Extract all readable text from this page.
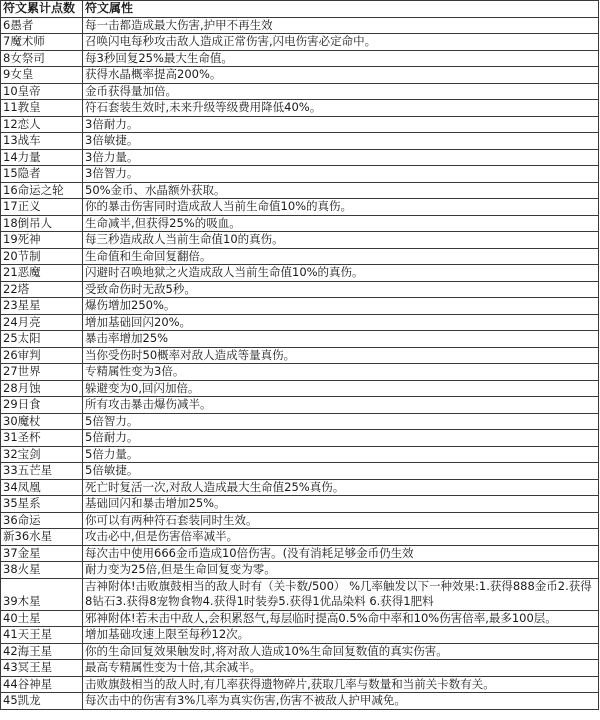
符文累计点数	符文属性
6愚者	每一击都造成最大伤害,护甲不再生效
7魔术师	召唤闪电每秒攻击敌人造成正常伤害,闪电伤害必定命中。
8女祭司	每3秒回复25%最大生命值。
9女皇	获得水晶概率提高200%。
10皇帝	金币获得量加倍。
11教皇	符石套装生效时,未来升级等级费用降低40%。
12恋人	3倍耐力。
13战车	3倍敏捷。
14力量	3倍力量。
15隐者	3倍智力。
16命运之轮	50%金币、水晶额外获取。
17正义	你的暴击伤害同时造成敌人当前生命值10%的真伤。
18倒吊人	生命减半,但获得25%的吸血。
19死神	每三秒造成敌人当前生命值10的真伤。
20节制	生命值和生命回复翻倍。
21恶魔	闪避时召唤地狱之火造成敌人当前生命值10%的真伤。
22塔	受致命伤时无敌5秒。
23星星	爆伤增加250%。
24月亮	增加基础回闪20%。
25太阳	暴击率增加25%
26审判	当你受伤时50概率对敌人造成等量真伤。
27世界	专精属性变为3倍。
28月蚀	躲避变为0,回闪加倍。
29日食	所有攻击暴击爆伤减半。
30魔杖	5倍智力。
31圣杯	5倍耐力。
32宝剑	5倍力量。
33五芒星	5倍敏捷。
34凤凰	死亡时复活一次,对敌人造成最大生命值25%真伤。
35星系	基础回闪和暴击增加25%。
36命运	你可以有两种符石套装同时生效。
新36水星	攻击必中,但是伤害倍率减半。
37金星	每次击中使用666金币造成10倍伤害。(没有消耗足够金币仍生效
38火星	耐力变为25倍,但是生命回复变为零。
39木星	吉神附体!击败旗鼓相当的敌人时有（关卡数/500） %几率触发以下一种效果:1.获得888金币2.获得8钻石3.获得8宠物食物4.获得1时装券5.获得1优品染料 6.获得1肥料
40土星	邪神附体!若未击中敌人,会积累怒气,每层临时提高0.5%命中率和10%伤害倍率,最多100层。
41天王星	增加基础攻速上限至每秒12次。
42海王星	你的生命回复效果触发时,将对敌人造成10%生命回复数值的真实伤害。
43冥王星	最高专精属性变为十倍,其余减半。
44谷神星	击败旗鼓相当的敌人时,有几率获得遗物碎片,获取几率与数量和当前关卡数有关。
45凯龙	每次击中的伤害有3%几率为真实伤害,伤害不被敌人护甲减免。
